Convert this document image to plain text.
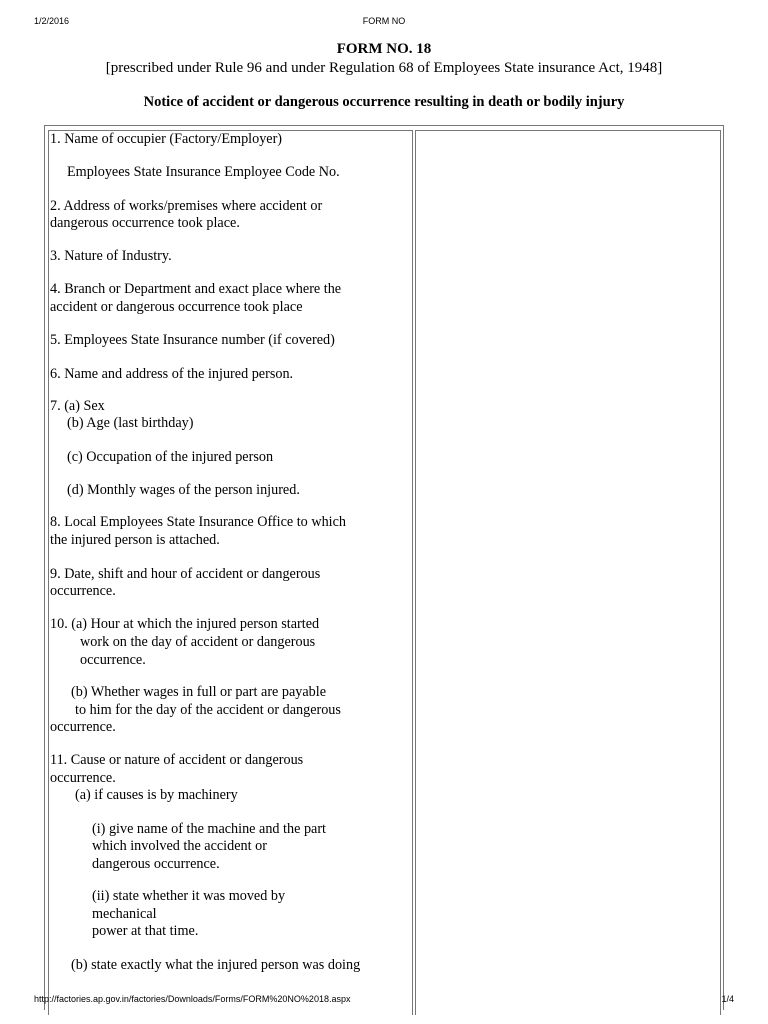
1/2/2016	FORM NO
FORM NO. 18
[prescribed under Rule 96 and under Regulation 68 of Employees State insurance Act, 1948]
Notice of accident or dangerous occurrence resulting in death or bodily injury
1. Name of occupier (Factory/Employer)
Employees State Insurance Employee Code No.
2. Address of works/premises where accident or
dangerous occurrence took place.
3. Nature of Industry.
4. Branch or Department and exact place where the
accident or dangerous occurrence took place
5. Employees State Insurance number (if covered)
6. Name and address of the injured person.
7. (a) Sex
(b) Age (last birthday)
(c) Occupation of the injured person
(d) Monthly wages of the person injured.
8. Local Employees State Insurance Office to which
the injured person is attached.
9. Date, shift and hour of accident or dangerous
occurrence.
10. (a) Hour at which the injured person started
work on the day of accident or dangerous
occurrence.
(b) Whether wages in full or part are payable
to him for the day of the accident or dangerous
occurrence.
11. Cause or nature of accident or dangerous
occurrence.
(a) if causes is by machinery
(i) give name of the machine and the part
which involved the accident or
dangerous occurrence.
(ii) state whether it was moved by
mechanical
power at that time.
(b) state exactly what the injured person was doing
http://factories.ap.gov.in/factories/Downloads/Forms/FORM%20NO%2018.aspx	1/4
